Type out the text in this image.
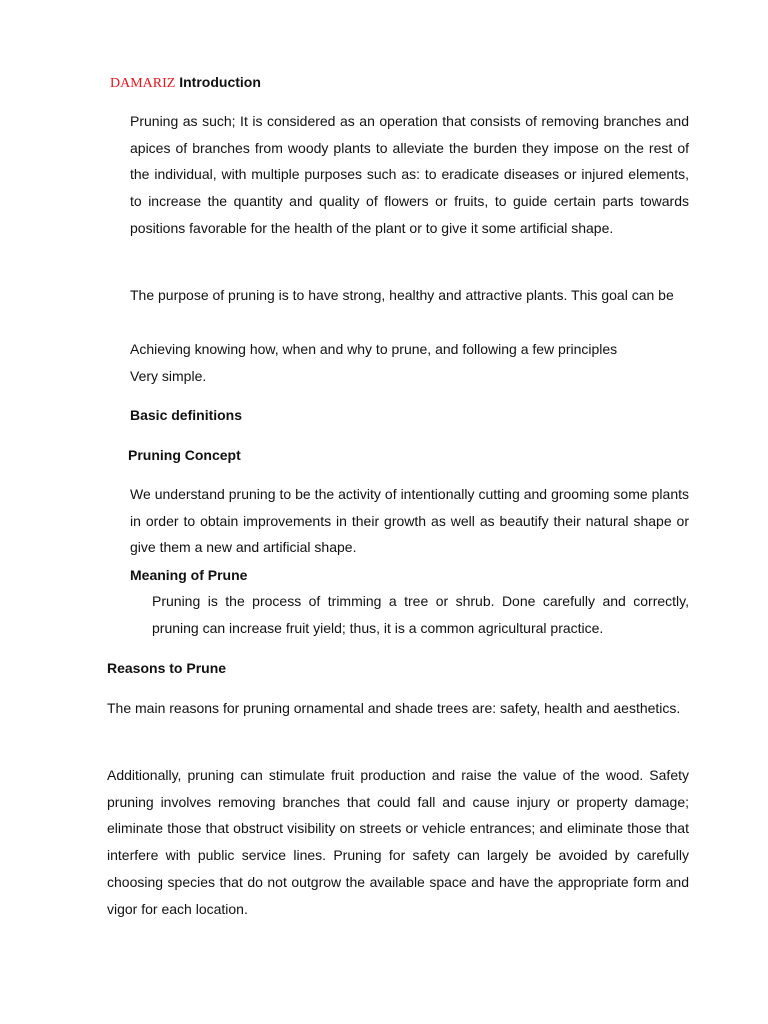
DAMARIZ Introduction

Pruning as such; It is considered as an operation that consists of removing branches and apices of branches from woody plants to alleviate the burden they impose on the rest of the individual, with multiple purposes such as: to eradicate diseases or injured elements, to increase the quantity and quality of flowers or fruits, to guide certain parts towards positions favorable for the health of the plant or to give it some artificial shape.

The purpose of pruning is to have strong, healthy and attractive plants. This goal can be

Achieving knowing how, when and why to prune, and following a few principles
Very simple.
Basic definitions
Pruning Concept

We understand pruning to be the activity of intentionally cutting and grooming some plants in order to obtain improvements in their growth as well as beautify their natural shape or give them a new and artificial shape.

Meaning of Prune

Pruning is the process of trimming a tree or shrub. Done carefully and correctly, pruning can increase fruit yield; thus, it is a common agricultural practice.

Reasons to Prune

The main reasons for pruning ornamental and shade trees are: safety, health and aesthetics.

Additionally, pruning can stimulate fruit production and raise the value of the wood. Safety pruning involves removing branches that could fall and cause injury or property damage; eliminate those that obstruct visibility on streets or vehicle entrances; and eliminate those that interfere with public service lines. Pruning for safety can largely be avoided by carefully choosing species that do not outgrow the available space and have the appropriate form and vigor for each location.
